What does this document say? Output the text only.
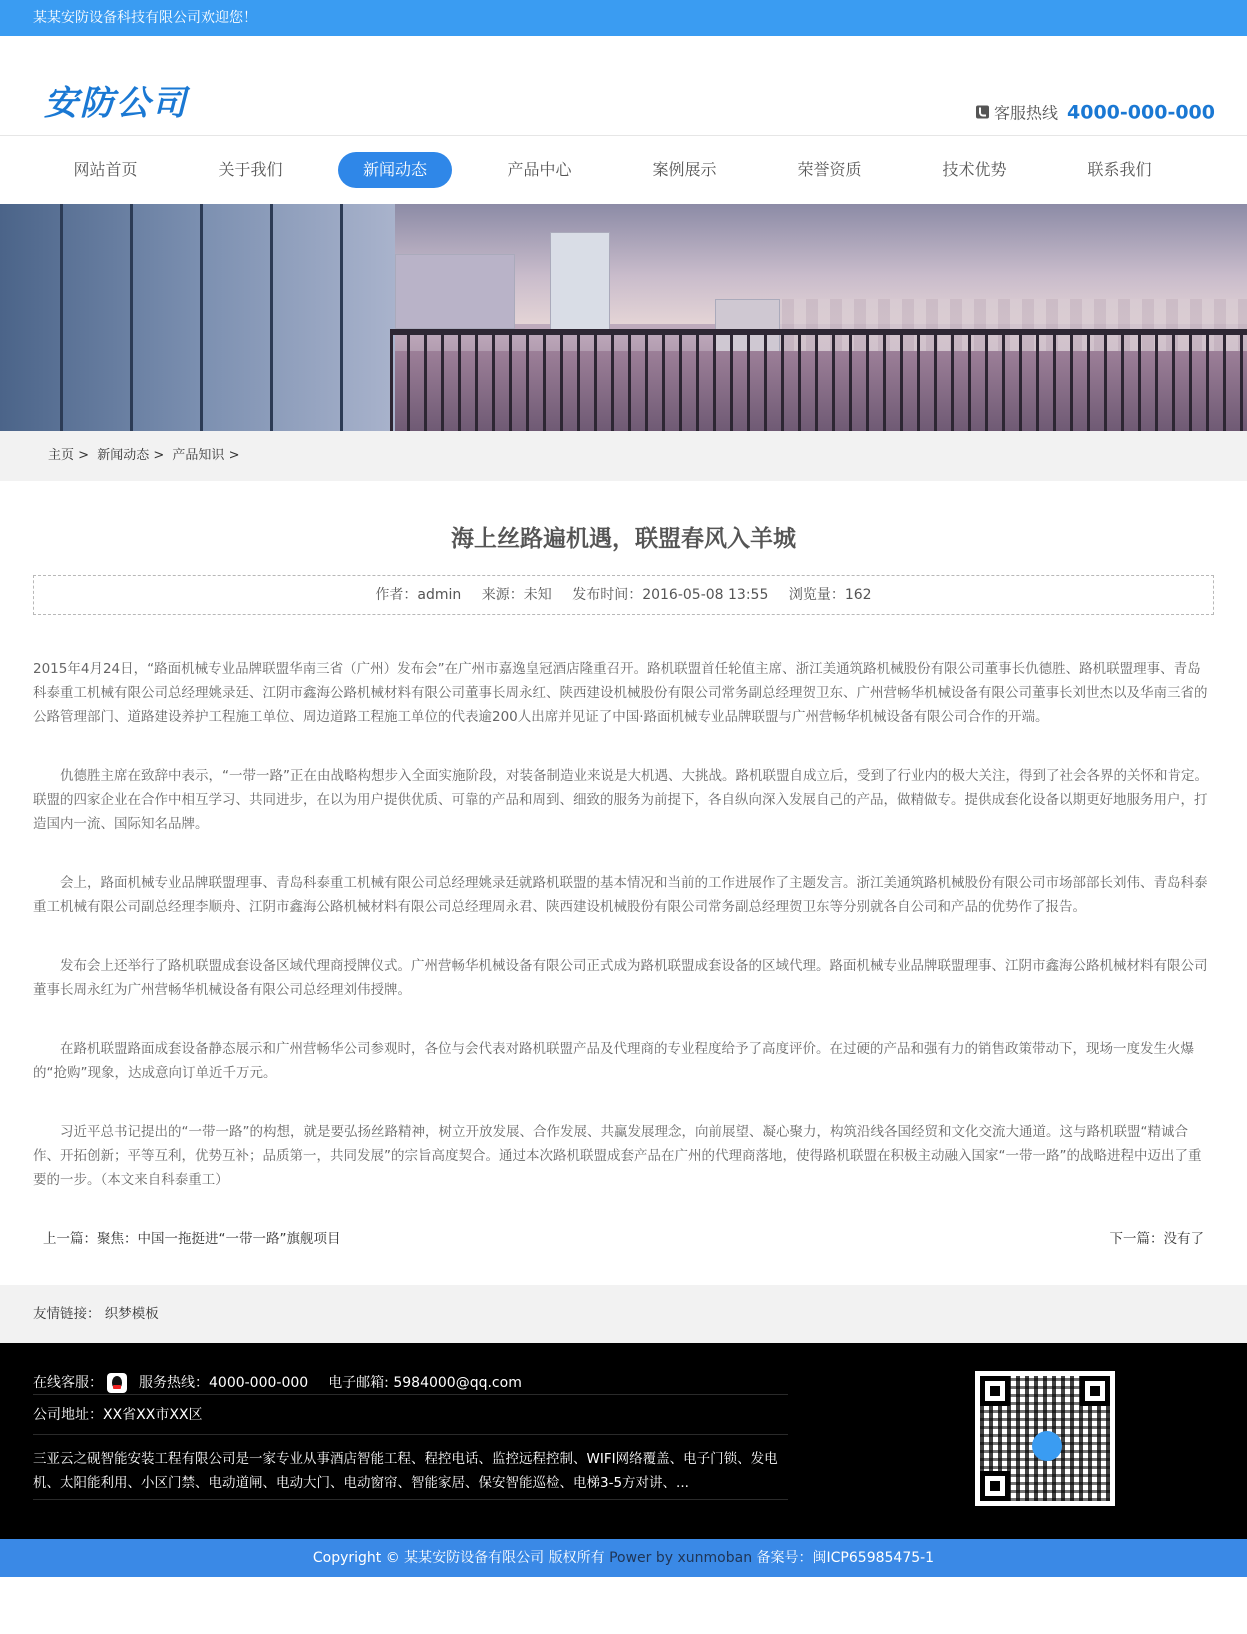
某某安防设备科技有限公司欢迎您！
安防公司	客服热线 4000-000-000
网站首页	关于我们	新闻动态	产品中心	案例展示	荣誉资质	技术优势	联系我们
主页 > 新闻动态 > 产品知识 >
海上丝路遍机遇，联盟春风入羊城
作者：admin 来源：未知 发布时间：2016-05-08 13:55 浏览量：162

2015年4月24日，“路面机械专业品牌联盟华南三省（广州）发布会”在广州市嘉逸皇冠酒店隆重召开。路机联盟首任轮值主席、浙江美通筑路机械股份有限公司董事长仇德胜、路机联盟理事、青岛科泰重工机械有限公司总经理姚录廷、江阴市鑫海公路机械材料有限公司董事长周永红、陕西建设机械股份有限公司常务副总经理贺卫东、广州营畅华机械设备有限公司董事长刘世杰以及华南三省的公路管理部门、道路建设养护工程施工单位、周边道路工程施工单位的代表逾200人出席并见证了中国·路面机械专业品牌联盟与广州营畅华机械设备有限公司合作的开端。

仇德胜主席在致辞中表示，“一带一路”正在由战略构想步入全面实施阶段，对装备制造业来说是大机遇、大挑战。路机联盟自成立后，受到了行业内的极大关注，得到了社会各界的关怀和肯定。联盟的四家企业在合作中相互学习、共同进步，在以为用户提供优质、可靠的产品和周到、细致的服务为前提下，各自纵向深入发展自己的产品，做精做专。提供成套化设备以期更好地服务用户，打造国内一流、国际知名品牌。

会上，路面机械专业品牌联盟理事、青岛科泰重工机械有限公司总经理姚录廷就路机联盟的基本情况和当前的工作进展作了主题发言。浙江美通筑路机械股份有限公司市场部部长刘伟、青岛科泰重工机械有限公司副总经理李顺舟、江阴市鑫海公路机械材料有限公司总经理周永君、陕西建设机械股份有限公司常务副总经理贺卫东等分别就各自公司和产品的优势作了报告。

发布会上还举行了路机联盟成套设备区域代理商授牌仪式。广州营畅华机械设备有限公司正式成为路机联盟成套设备的区域代理。路面机械专业品牌联盟理事、江阴市鑫海公路机械材料有限公司董事长周永红为广州营畅华机械设备有限公司总经理刘伟授牌。

在路机联盟路面成套设备静态展示和广州营畅华公司参观时，各位与会代表对路机联盟产品及代理商的专业程度给予了高度评价。在过硬的产品和强有力的销售政策带动下，现场一度发生火爆的“抢购”现象，达成意向订单近千万元。

习近平总书记提出的“一带一路”的构想，就是要弘扬丝路精神，树立开放发展、合作发展、共赢发展理念，向前展望、凝心聚力，构筑沿线各国经贸和文化交流大通道。这与路机联盟“精诚合作、开拓创新；平等互利，优势互补；品质第一，共同发展”的宗旨高度契合。通过本次路机联盟成套产品在广州的代理商落地，使得路机联盟在积极主动融入国家“一带一路”的战略进程中迈出了重要的一步。（本文来自科泰重工）

上一篇：聚焦：中国一拖挺进“一带一路”旗舰项目	下一篇：没有了
友情链接： 织梦模板
在线客服：	服务热线：4000-000-000 电子邮箱: 5984000@qq.com
公司地址：XX省XX市XX区
三亚云之砚智能安装工程有限公司是一家专业从事酒店智能工程、程控电话、监控远程控制、WIFI网络覆盖、电子门锁、发电机、太阳能利用、小区门禁、电动道闸、电动大门、电动窗帘、智能家居、保安智能巡检、电梯3-5方对讲、...
Copyright © 某某安防设备有限公司 版权所有 Power by xunmoban 备案号：闽ICP65985475-1
